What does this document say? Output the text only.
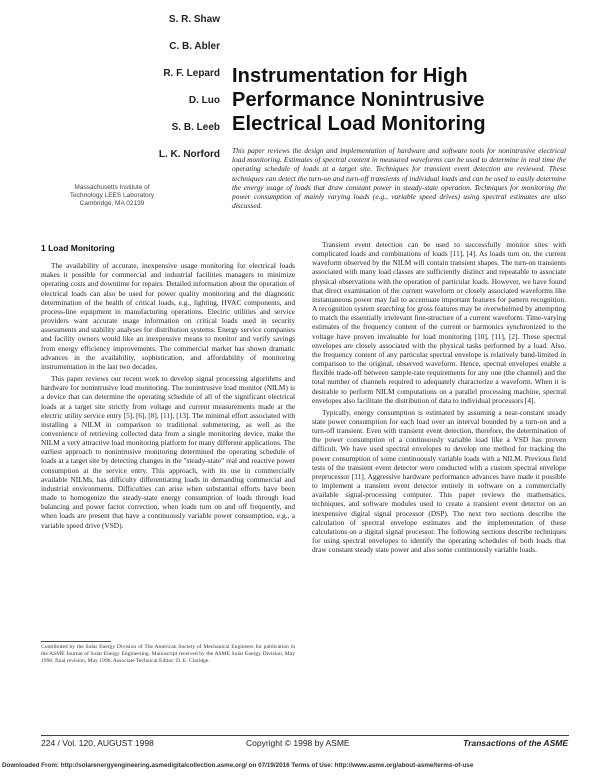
S. R. Shaw
C. B. Abler
R. F. Lepard
D. Luo
S. B. Leeb
L. K. Norford
Massachusetts Institute of Technology LEES Laboratory Cambridge, MA 02139
Instrumentation for High Performance Nonintrusive Electrical Load Monitoring
This paper reviews the design and implementation of hardware and software tools for nonintrusive electrical load monitoring. Estimates of spectral content in measured waveforms can be used to determine in real time the operating schedule of loads at a target site. Techniques for transient event detection are reviewed. These techniques can detect the turn-on and turn-off transients of individual loads and can be used to easily determine the energy usage of loads that draw constant power in steady-state operation. Techniques for monitoring the power consumption of mainly varying loads (e.g., variable speed drives) using spectral estimates are also discussed.
1 Load Monitoring

The availability of accurate, inexpensive usage monitoring for electrical loads makes it possible for commercial and industrial facilities managers to minimize operating costs and downtime for repairs. Detailed information about the operation of electrical loads can also be used for power quality monitoring and the diagnostic determination of the health of critical loads, e.g., lighting, HVAC components, and process-line equipment in manufacturing operations. Electric utilities and service providers want accurate usage information on critical loads used in security assessments and stability analyses for distribution systems. Energy service companies and facility owners would like an inexpensive means to monitor and verify savings from energy efficiency improvements. The commercial market has shown dramatic advances in the availability, sophistication, and affordability of monitoring instrumentation in the last two decades.

This paper reviews our recent work to develop signal processing algorithms and hardware for nonintrusive load monitoring. The nonintrusive load monitor (NILM) is a device that can determine the operating schedule of all of the significant electrical loads at a target site strictly from voltage and current measurements made at the electric utility service entry [5], [6], [8], [11], [13]. The minimal effort associated with installing a NILM in comparison to traditional submetering, as well as the convenience of retrieving collected data from a single monitoring device, make the NILM a very attractive load monitoring platform for many different applications. The earliest approach to nonintrusive monitoring determined the operating schedule of loads at a target site by detecting changes in the "steady-state" real and reactive power consumption at the service entry. This approach, with its use in commercially available NILMs, has difficulty differentiating loads in demanding commercial and industrial environments. Difficulties can arise when substantial efforts have been made to homogenize the steady-state energy consumption of loads through load balancing and power factor correction, when loads turn on and off frequently, and when loads are present that have a continuously variable power consumption, e.g., a variable speed drive (VSD).

Contributed by the Solar Energy Division of The American Society of Mechanical Engineers for publication in the ASME Journal of Solar Energy Engineering. Manuscript received by the ASME Solar Energy Division, May 1996; final revision, May 1996. Associate Technical Editor: D. E. Claridge.

Transient event detection can be used to successfully monitor sites with complicated loads and combinations of loads [11], [4]. As loads turn on, the current waveform observed by the NILM will contain transient shapes. The turn-on transients associated with many load classes are sufficiently distinct and repeatable to associate physical observations with the operation of particular loads. However, we have found that direct examination of the current waveform or closely associated waveforms like instantaneous power may fail to accentuate important features for pattern recognition. A recognition system searching for gross features may be overwhelmed by attempting to match the essentially irrelevant fine-structure of a current waveform. Time-varying estimates of the frequency content of the current or harmonics synchronized to the voltage have proven invaluable for load monitoring [10], [11], [2]. These spectral envelopes are closely associated with the physical tasks performed by a load. Also, the frequency content of any particular spectral envelope is relatively band-limited in comparison to the original, observed waveform. Hence, spectral envelopes enable a flexible trade-off between sample-rate requirements for any one (the channel) and the total number of channels required to adequately characterize a waveform. When it is desirable to perform NILM computations on a parallel processing machine, spectral envelopes also facilitate the distribution of data to individual processors [4].

Typically, energy consumption is estimated by assuming a near-constant steady state power consumption for each load over an interval bounded by a turn-on and a turn-off transient. Even with transient event detection, therefore, the determination of the power consumption of a continuously variable load like a VSD has proven difficult. We have used spectral envelopes to develop one method for tracking the power consumption of some continuously variable loads with a NILM. Previous field tests of the transient event detector were conducted with a custom spectral envelope preprocessor [11]. Aggressive hardware performance advances have made it possible to implement a transient event detector entirely in software on a commercially available signal-processing computer. This paper reviews the mathematics, techniques, and software modules used to create a transient event detector on an inexpensive digital signal processor (DSP). The next two sections describe the calculation of spectral envelope estimates and the implementation of these calculations on a digital signal processor. The following sections describe techniques for using spectral envelopes to identify the operating schedules of both loads that draw constant steady state power and also some continuously variable loads.

224 / Vol. 120, AUGUST 1998	Copyright © 1998 by ASME	Transactions of the ASME
Downloaded From: http://solarenergyengineering.asmedigitalcollection.asme.org/ on 07/19/2016 Terms of Use: http://www.asme.org/about-asme/terms-of-use
